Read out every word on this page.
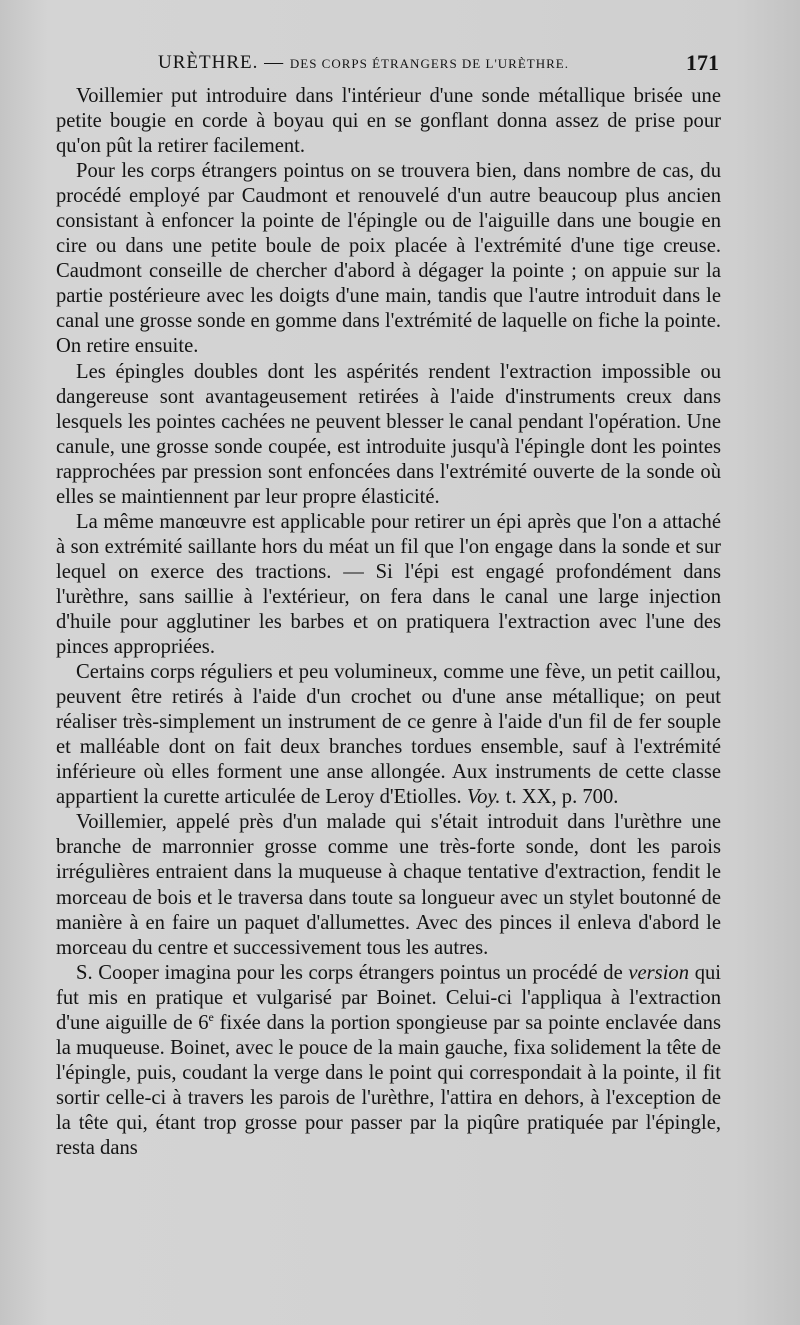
URÈTHRE. — DES CORPS ÉTRANGERS DE L'URÈTHRE.	171

Voillemier put introduire dans l'intérieur d'une sonde métallique brisée une petite bougie en corde à boyau qui en se gonflant donna assez de prise pour qu'on pût la retirer facilement.

Pour les corps étrangers pointus on se trouvera bien, dans nombre de cas, du procédé employé par Caudmont et renouvelé d'un autre beaucoup plus ancien consistant à enfoncer la pointe de l'épingle ou de l'aiguille dans une bougie en cire ou dans une petite boule de poix placée à l'extrémité d'une tige creuse. Caudmont conseille de chercher d'abord à dégager la pointe ; on appuie sur la partie postérieure avec les doigts d'une main, tandis que l'autre introduit dans le canal une grosse sonde en gomme dans l'extrémité de laquelle on fiche la pointe. On retire ensuite.

Les épingles doubles dont les aspérités rendent l'extraction impossible ou dangereuse sont avantageusement retirées à l'aide d'instruments creux dans lesquels les pointes cachées ne peuvent blesser le canal pendant l'opération. Une canule, une grosse sonde coupée, est introduite jusqu'à l'épingle dont les pointes rapprochées par pression sont enfoncées dans l'extrémité ouverte de la sonde où elles se maintiennent par leur propre élasticité.

La même manœuvre est applicable pour retirer un épi après que l'on a attaché à son extrémité saillante hors du méat un fil que l'on engage dans la sonde et sur lequel on exerce des tractions. — Si l'épi est engagé profondément dans l'urèthre, sans saillie à l'extérieur, on fera dans le canal une large injection d'huile pour agglutiner les barbes et on pratiquera l'extraction avec l'une des pinces appropriées.

Certains corps réguliers et peu volumineux, comme une fève, un petit caillou, peuvent être retirés à l'aide d'un crochet ou d'une anse métallique; on peut réaliser très-simplement un instrument de ce genre à l'aide d'un fil de fer souple et malléable dont on fait deux branches tordues ensemble, sauf à l'extrémité inférieure où elles forment une anse allongée. Aux instruments de cette classe appartient la curette articulée de Leroy d'Etiolles. Voy. t. XX, p. 700.

Voillemier, appelé près d'un malade qui s'était introduit dans l'urèthre une branche de marronnier grosse comme une très-forte sonde, dont les parois irrégulières entraient dans la muqueuse à chaque tentative d'extraction, fendit le morceau de bois et le traversa dans toute sa longueur avec un stylet boutonné de manière à en faire un paquet d'allumettes. Avec des pinces il enleva d'abord le morceau du centre et successivement tous les autres.

S. Cooper imagina pour les corps étrangers pointus un procédé de version qui fut mis en pratique et vulgarisé par Boinet. Celui-ci l'appliqua à l'extraction d'une aiguille de 6e fixée dans la portion spongieuse par sa pointe enclavée dans la muqueuse. Boinet, avec le pouce de la main gauche, fixa solidement la tête de l'épingle, puis, coudant la verge dans le point qui correspondait à la pointe, il fit sortir celle-ci à travers les parois de l'urèthre, l'attira en dehors, à l'exception de la tête qui, étant trop grosse pour passer par la piqûre pratiquée par l'épingle, resta dans
